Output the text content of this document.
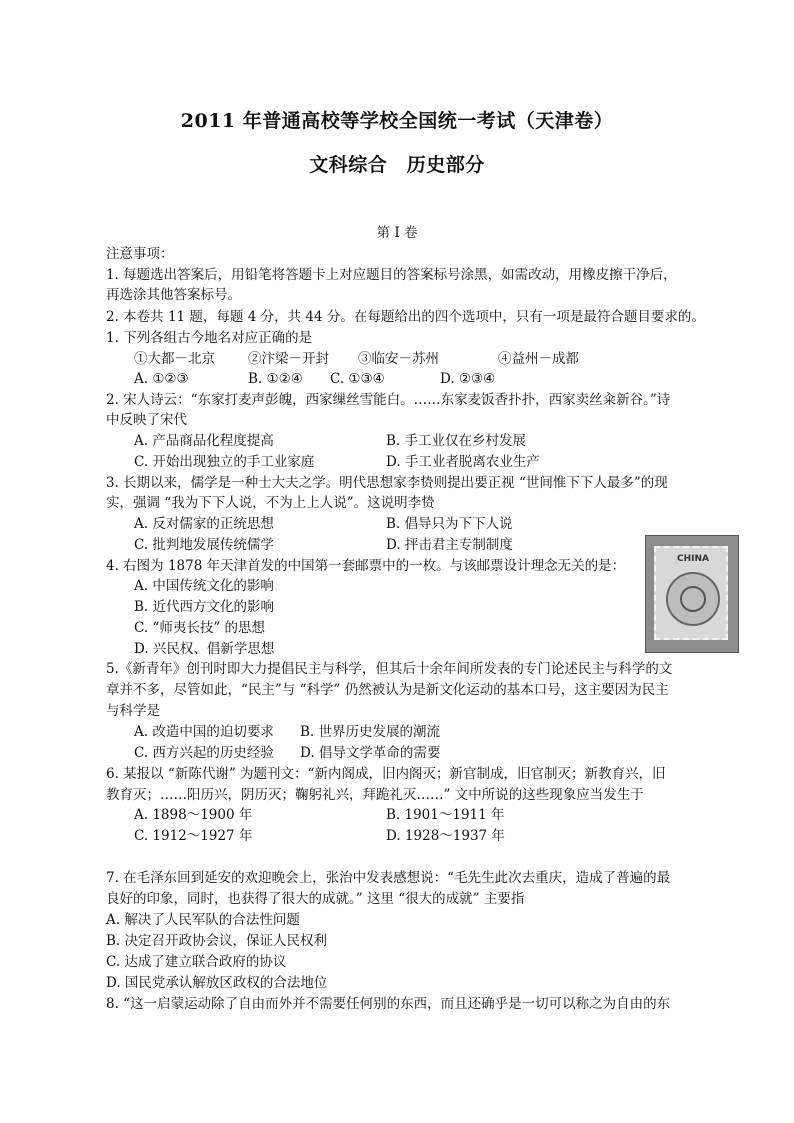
2011 年普通高校等学校全国统一考试（天津卷）
文科综合　历史部分
第 I 卷
注意事项：
1. 每题选出答案后，用铅笔将答题卡上对应题目的答案标号涂黑，如需改动，用橡皮擦干净后，
再选涂其他答案标号。
2. 本卷共 11 题，每题 4 分，共 44 分。在每题给出的四个选项中，只有一项是最符合题目要求的。
1. 下列各组古今地名对应正确的是
①大都－北京 ②汴梁－开封 ③临安－苏州	④益州－成都
A. ①②③	B. ①②④ C. ①③④	D. ②③④
2. 宋人诗云：“东家打麦声彭魄，西家缫丝雪能白。……东家麦饭香扑扑，西家卖丝籴新谷。”诗
中反映了宋代
A. 产品商品化程度提高	B. 手工业仅在乡村发展
C. 开始出现独立的手工业家庭	D. 手工业者脱离农业生产
3. 长期以来，儒学是一种士大夫之学。明代思想家李贽则提出要正视 “世间惟下下人最多”的现
实，强调 “我为下下人说，不为上上人说”。这说明李贽
A. 反对儒家的正统思想	B. 倡导只为下下人说
C. 批判地发展传统儒学	D. 抨击君主专制制度
4. 右图为 1878 年天津首发的中国第一套邮票中的一枚。与该邮票设计理念无关的是：
A. 中国传统文化的影响
B. 近代西方文化的影响
C. “师夷长技” 的思想
D. 兴民权、倡新学思想
CHINA
5.《新青年》创刊时即大力提倡民主与科学，但其后十余年间所发表的专门论述民主与科学的文
章并不多，尽管如此，“民主”与 “科学” 仍然被认为是新文化运动的基本口号，这主要因为民主
与科学是
A. 改造中国的迫切要求 B. 世界历史发展的潮流
C. 西方兴起的历史经验 D. 倡导文学革命的需要
6. 某报以 “新陈代谢” 为题刊文：“新内阁成，旧内阁灭；新官制成，旧官制灭；新教育兴，旧
教育灭；……阳历兴，阴历灭；鞠躬礼兴，拜跪礼灭……” 文中所说的这些现象应当发生于
A. 1898～1900 年	B. 1901～1911 年
C. 1912～1927 年	D. 1928～1937 年
7. 在毛泽东回到延安的欢迎晚会上，张治中发表感想说：“毛先生此次去重庆，造成了普遍的最
良好的印象，同时，也获得了很大的成就。” 这里 “很大的成就” 主要指
A. 解决了人民军队的合法性问题
B. 决定召开政协会议，保证人民权利
C. 达成了建立联合政府的协议
D. 国民党承认解放区政权的合法地位
8. “这一启蒙运动除了自由而外并不需要任何别的东西，而且还确乎是一切可以称之为自由的东
